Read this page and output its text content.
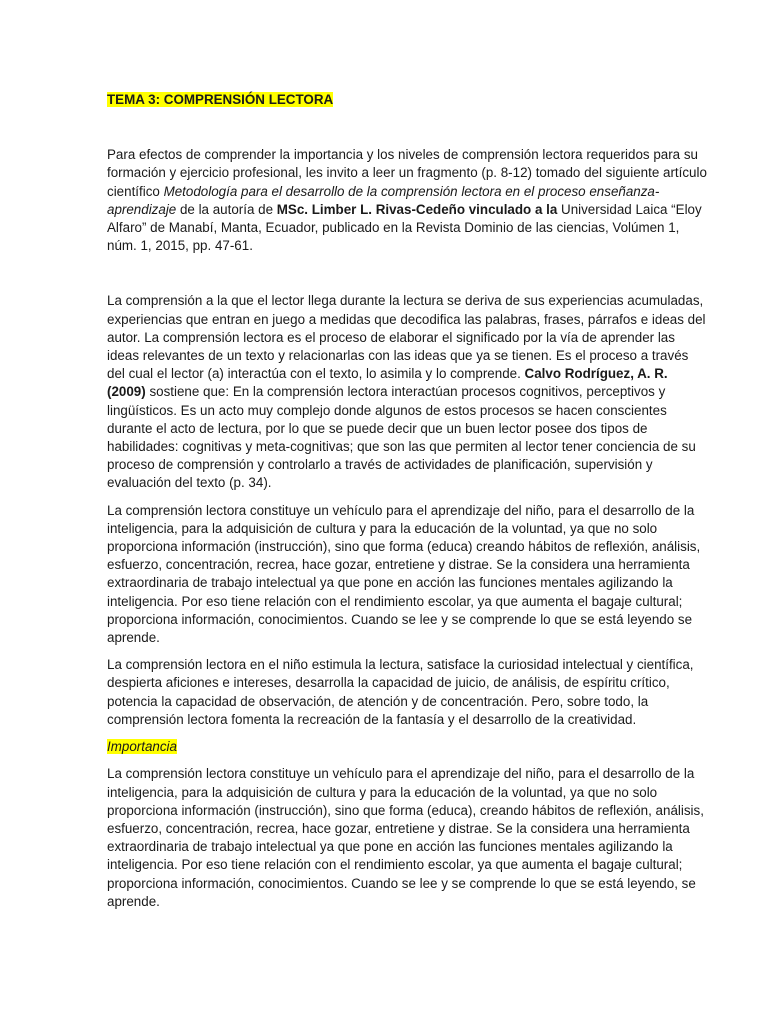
TEMA 3: COMPRENSIÓN LECTORA

Para efectos de comprender la importancia y los niveles de comprensión lectora requeridos para su formación y ejercicio profesional, les invito a leer un fragmento (p. 8-12) tomado del siguiente artículo científico Metodología para el desarrollo de la comprensión lectora en el proceso enseñanza-aprendizaje de la autoría de MSc. Limber L. Rivas-Cedeño vinculado a la Universidad Laica “Eloy Alfaro” de Manabí, Manta, Ecuador, publicado en la Revista Dominio de las ciencias, Volúmen 1, núm. 1, 2015, pp. 47-61.

La comprensión a la que el lector llega durante la lectura se deriva de sus experiencias acumuladas, experiencias que entran en juego a medidas que decodifica las palabras, frases, párrafos e ideas del autor. La comprensión lectora es el proceso de elaborar el significado por la vía de aprender las ideas relevantes de un texto y relacionarlas con las ideas que ya se tienen. Es el proceso a través del cual el lector (a) interactúa con el texto, lo asimila y lo comprende. Calvo Rodríguez, A. R. (2009) sostiene que: En la comprensión lectora interactúan procesos cognitivos, perceptivos y lingüísticos. Es un acto muy complejo donde algunos de estos procesos se hacen conscientes durante el acto de lectura, por lo que se puede decir que un buen lector posee dos tipos de habilidades: cognitivas y meta-cognitivas; que son las que permiten al lector tener conciencia de su proceso de comprensión y controlarlo a través de actividades de planificación, supervisión y evaluación del texto (p. 34).

La comprensión lectora constituye un vehículo para el aprendizaje del niño, para el desarrollo de la inteligencia, para la adquisición de cultura y para la educación de la voluntad, ya que no solo proporciona información (instrucción), sino que forma (educa) creando hábitos de reflexión, análisis, esfuerzo, concentración, recrea, hace gozar, entretiene y distrae. Se la considera una herramienta extraordinaria de trabajo intelectual ya que pone en acción las funciones mentales agilizando la inteligencia. Por eso tiene relación con el rendimiento escolar, ya que aumenta el bagaje cultural; proporciona información, conocimientos. Cuando se lee y se comprende lo que se está leyendo se aprende.

La comprensión lectora en el niño estimula la lectura, satisface la curiosidad intelectual y científica, despierta aficiones e intereses, desarrolla la capacidad de juicio, de análisis, de espíritu crítico, potencia la capacidad de observación, de atención y de concentración. Pero, sobre todo, la comprensión lectora fomenta la recreación de la fantasía y el desarrollo de la creatividad.

Importancia

La comprensión lectora constituye un vehículo para el aprendizaje del niño, para el desarrollo de la inteligencia, para la adquisición de cultura y para la educación de la voluntad, ya que no solo proporciona información (instrucción), sino que forma (educa), creando hábitos de reflexión, análisis, esfuerzo, concentración, recrea, hace gozar, entretiene y distrae. Se la considera una herramienta extraordinaria de trabajo intelectual ya que pone en acción las funciones mentales agilizando la inteligencia. Por eso tiene relación con el rendimiento escolar, ya que aumenta el bagaje cultural; proporciona información, conocimientos. Cuando se lee y se comprende lo que se está leyendo, se aprende.
